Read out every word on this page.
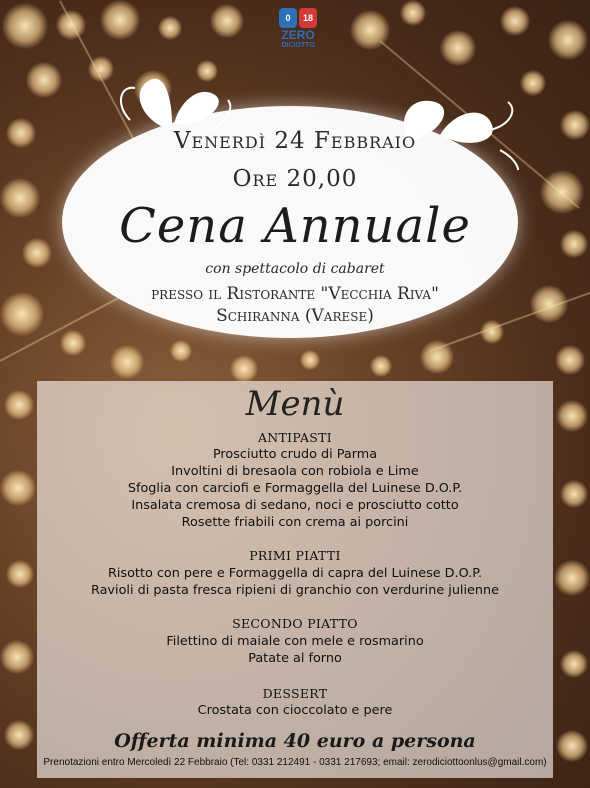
0	18
ZERO
DICIOTTO
Venerdì 24 Febbraio
Ore 20,00
Cena Annuale
con spettacolo di cabaret
presso il Ristorante "Vecchia Riva"
Schiranna (Varese)
Menù
ANTIPASTI
Prosciutto crudo di Parma
Involtini di bresaola con robiola e Lime
Sfoglia con carciofi e Formaggella del Luinese D.O.P.
Insalata cremosa di sedano, noci e prosciutto cotto
Rosette friabili con crema ai porcini
PRIMI PIATTI
Risotto con pere e Formaggella di capra del Luinese D.O.P.
Ravioli di pasta fresca ripieni di granchio con verdurine julienne
SECONDO PIATTO
Filettino di maiale con mele e rosmarino
Patate al forno
DESSERT
Crostata con cioccolato e pere
Offerta minima 40 euro a persona
Prenotazioni entro Mercoledì 22 Febbraio (Tel: 0331 212491 - 0331 217693; email: zerodiciottoonlus@gmail.com)
